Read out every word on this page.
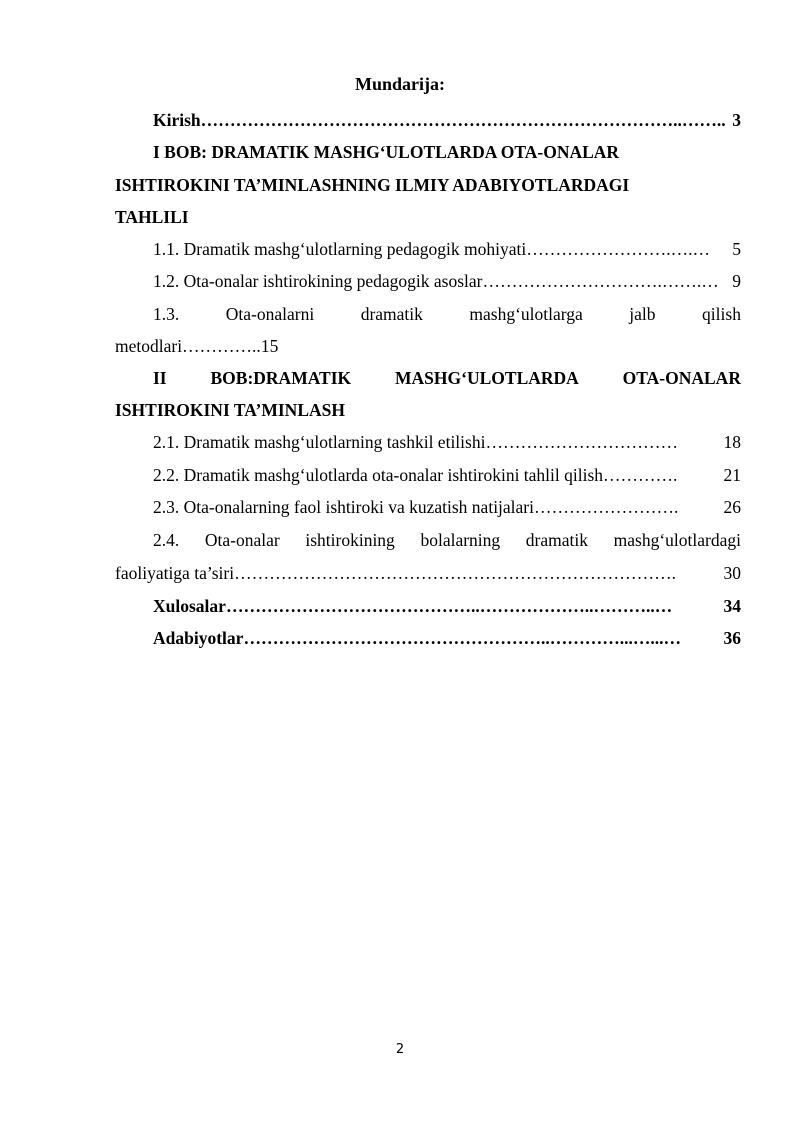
Mundarija:
Kirish ………………………………………………………………………..…….. 3
I BOB: DRAMATIK MASHG‘ULOTLARDA OTA-ONALAR
ISHTIROKINI TA’MINLASHNING ILMIY ADABIYOTLARDAGI
TAHLILI
1.1. Dramatik mashg‘ulotlarning pedagogik mohiyati …………………….….…	5
1.2. Ota-onalar ishtirokining pedagogik asoslar ………………………….…….… 9
1.3.	Ota-onalarni	dramatik	mashg‘ulotlarga	jalb	qilish
metodlari…………..15
II	BOB:DRAMATIK	MASHG‘ULOTLARDA	OTA-ONALAR
ISHTIROKINI TA’MINLASH
2.1. Dramatik mashg‘ulotlarning tashkil etilishi ……………………………	18
2.2. Dramatik mashg‘ulotlarda ota-onalar ishtirokini tahlil qilish ………….	21
2.3. Ota-onalarning faol ishtiroki va kuzatish natijalari …………………….	26
2.4. Ota-onalar ishtirokining bolalarning dramatik mashg‘ulotlardagi
faoliyatiga ta’siri ………………………………………………………………….	30
Xulosalar ……………………………………..………………..………..…	34
Adabiyotlar ……………………………………………..…………...…...…	36
2
